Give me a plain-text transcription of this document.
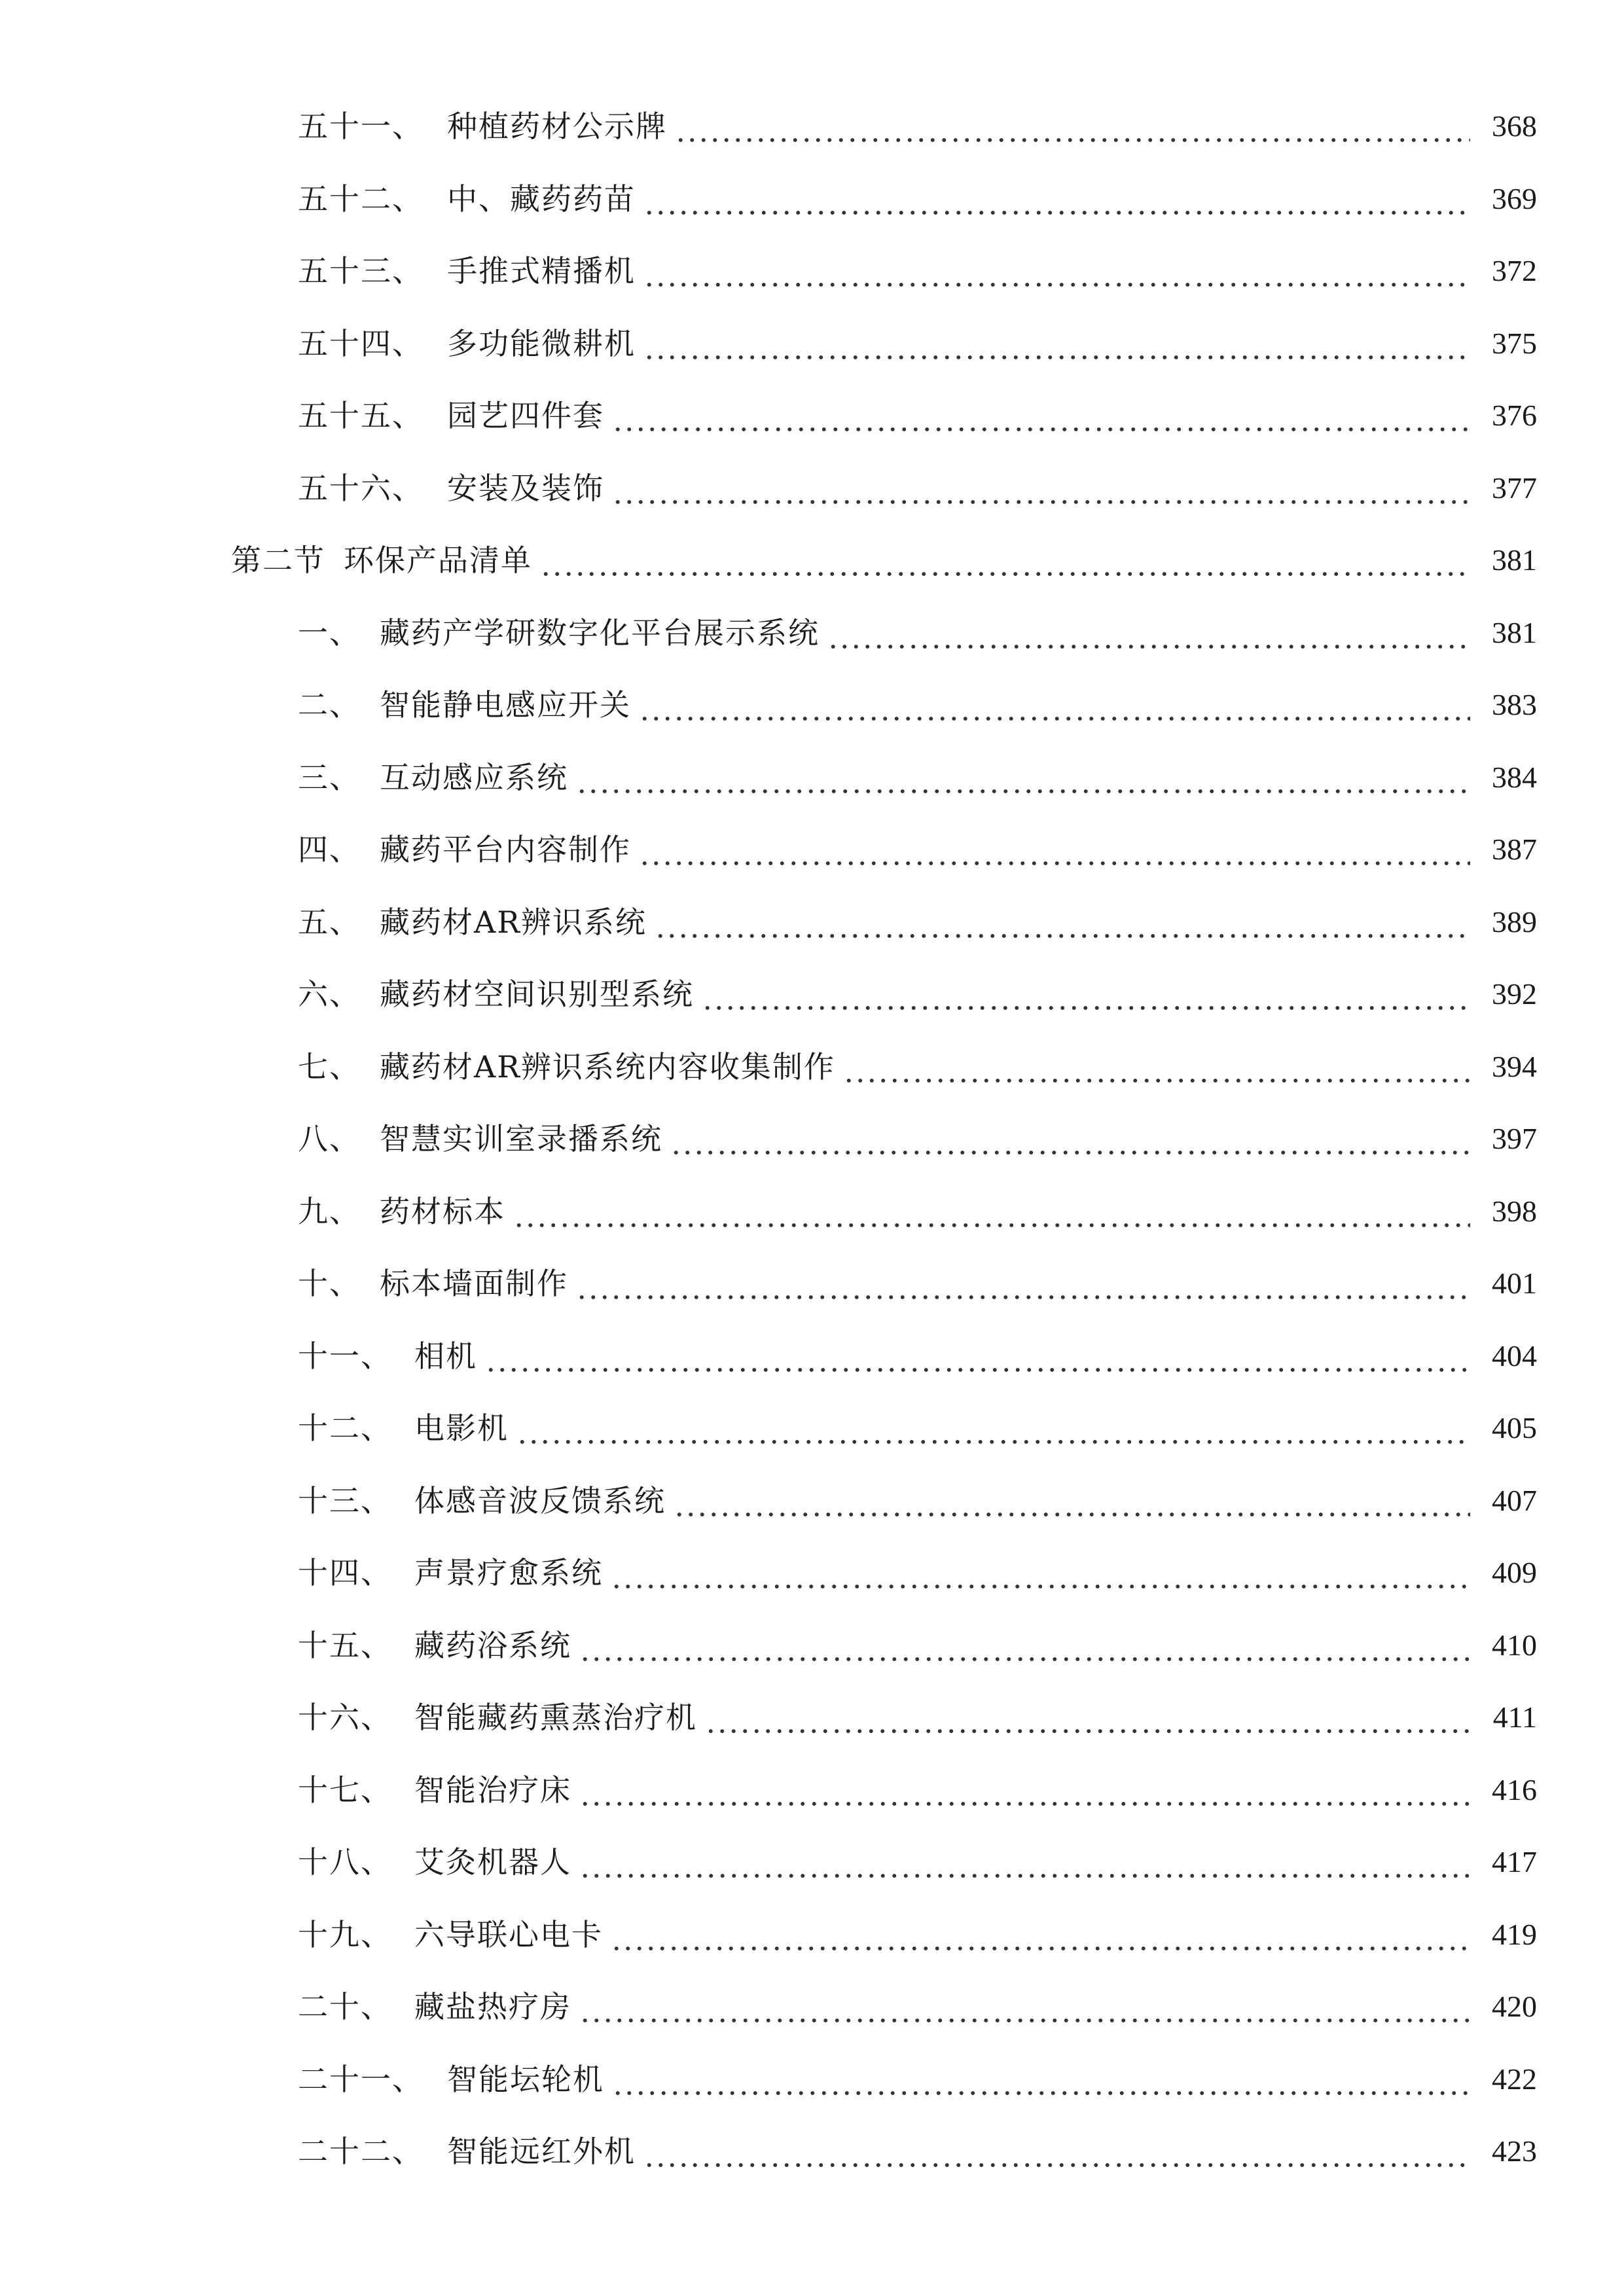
五十一、 种植药材公示牌	368
五十二、 中、藏药药苗	369
五十三、 手推式精播机	372
五十四、 多功能微耕机	375
五十五、 园艺四件套	376
五十六、 安装及装饰	377
第二节 环保产品清单	381
一、 藏药产学研数字化平台展示系统	381
二、 智能静电感应开关	383
三、 互动感应系统	384
四、 藏药平台内容制作	387
五、 藏药材AR辨识系统	389
六、 藏药材空间识别型系统	392
七、 藏药材AR辨识系统内容收集制作	394
八、 智慧实训室录播系统	397
九、 药材标本	398
十、 标本墙面制作	401
十一、 相机	404
十二、 电影机	405
十三、 体感音波反馈系统	407
十四、 声景疗愈系统	409
十五、 藏药浴系统	410
十六、 智能藏药熏蒸治疗机	411
十七、 智能治疗床	416
十八、 艾灸机器人	417
十九、 六导联心电卡	419
二十、 藏盐热疗房	420
二十一、 智能坛轮机	422
二十二、 智能远红外机	423
